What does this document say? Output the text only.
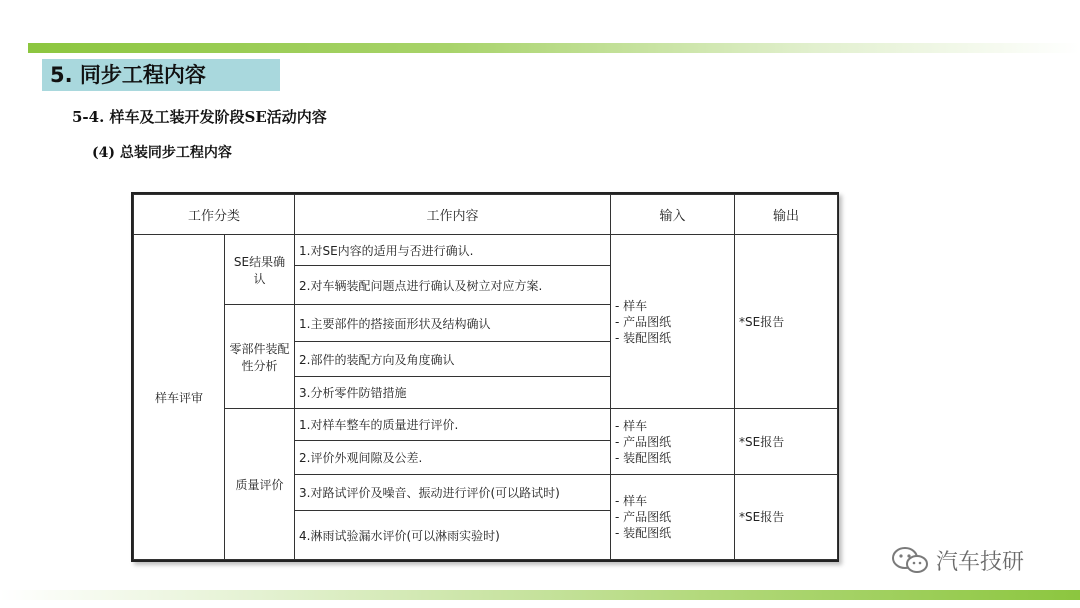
5. 同步工程内容
5-4. 样车及工装开发阶段SE活动内容
(4) 总装同步工程内容
工作分类		工作内容	输入	输出
样车评审	SE结果确认	1.对SE内容的适用与否进行确认.	- 样车
- 产品图纸
- 装配图纸	*SE报告
		2.对车辆装配问题点进行确认及树立对应方案.		
	零部件装配性分析	1.主要部件的搭接面形状及结构确认		
		2.部件的装配方向及角度确认		
		3.分析零件防错措施		
	质量评价	1.对样车整车的质量进行评价.	- 样车
- 产品图纸
- 装配图纸	*SE报告
		2.评价外观间隙及公差.		
		3.对路试评价及噪音、振动进行评价(可以路试时)	- 样车
- 产品图纸
- 装配图纸	*SE报告
		4.淋雨试验漏水评价(可以淋雨实验时)		
汽车技研
